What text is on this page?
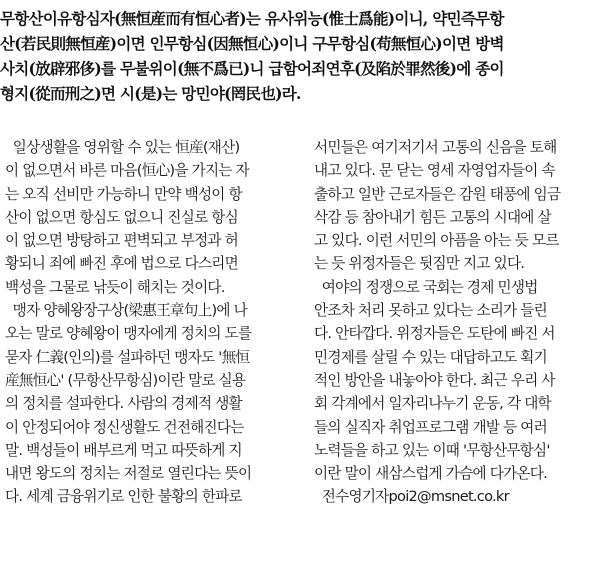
무항산이유항심자(無恒産而有恒心者)는 유사위능(惟士爲能)이니, 약민즉무항
산(若民則無恒産)이면 인무항심(因無恒心)이니 구무항심(苟無恒心)이면 방벽
사치(放辟邪侈)를 무불위이(無不爲已)니 급함어죄연후(及陷於罪然後)에 종이
형지(從而刑之)면 시(是)는 망민야(罔民也)라.
일상생활을 영위할 수 있는 恒産(재산)
이 없으면서 바른 마음(恒心)을 가지는 자
는 오직 선비만 가능하니 만약 백성이 항
산이 없으면 항심도 없으니 진실로 항심
이 없으면 방탕하고 편벽되고 부정과 허
황되니 죄에 빠진 후에 법으로 다스리면
백성을 그물로 낚듯이 해치는 것이다.
맹자 양혜왕장구상(梁惠王章句上)에 나
오는 말로 양혜왕이 맹자에게 정치의 도를
묻자 仁義(인의)를 설파하던 맹자도 '無恒
産無恒心' (무항산무항심)이란 말로 실용
의 정치를 설파한다. 사람의 경제적 생활
이 안정되어야 정신생활도 건전해진다는
말. 백성들이 배부르게 먹고 따뜻하게 지
내면 왕도의 정치는 저절로 열린다는 뜻이
다. 세계 금융위기로 인한 불황의 한파로
서민들은 여기저기서 고통의 신음을 토해
내고 있다. 문 닫는 영세 자영업자들이 속
출하고 일반 근로자들은 감원 태풍에 임금
삭감 등 참아내기 힘든 고통의 시대에 살
고 있다. 이런 서민의 아픔을 아는 듯 모르
는 듯 위정자들은 뒷짐만 지고 있다.
여야의 정쟁으로 국회는 경제 민생법
안조차 처리 못하고 있다는 소리가 들린
다. 안타깝다. 위정자들은 도탄에 빠진 서
민경제를 살릴 수 있는 대답하고도 획기
적인 방안을 내놓아야 한다. 최근 우리 사
회 각계에서 일자리나누기 운동, 각 대학
들의 실직자 취업프로그램 개발 등 여러
노력들을 하고 있는 이때 '무항산무항심'
이란 말이 새삼스럽게 가슴에 다가온다.
전수영기자poi2@msnet.co.kr
